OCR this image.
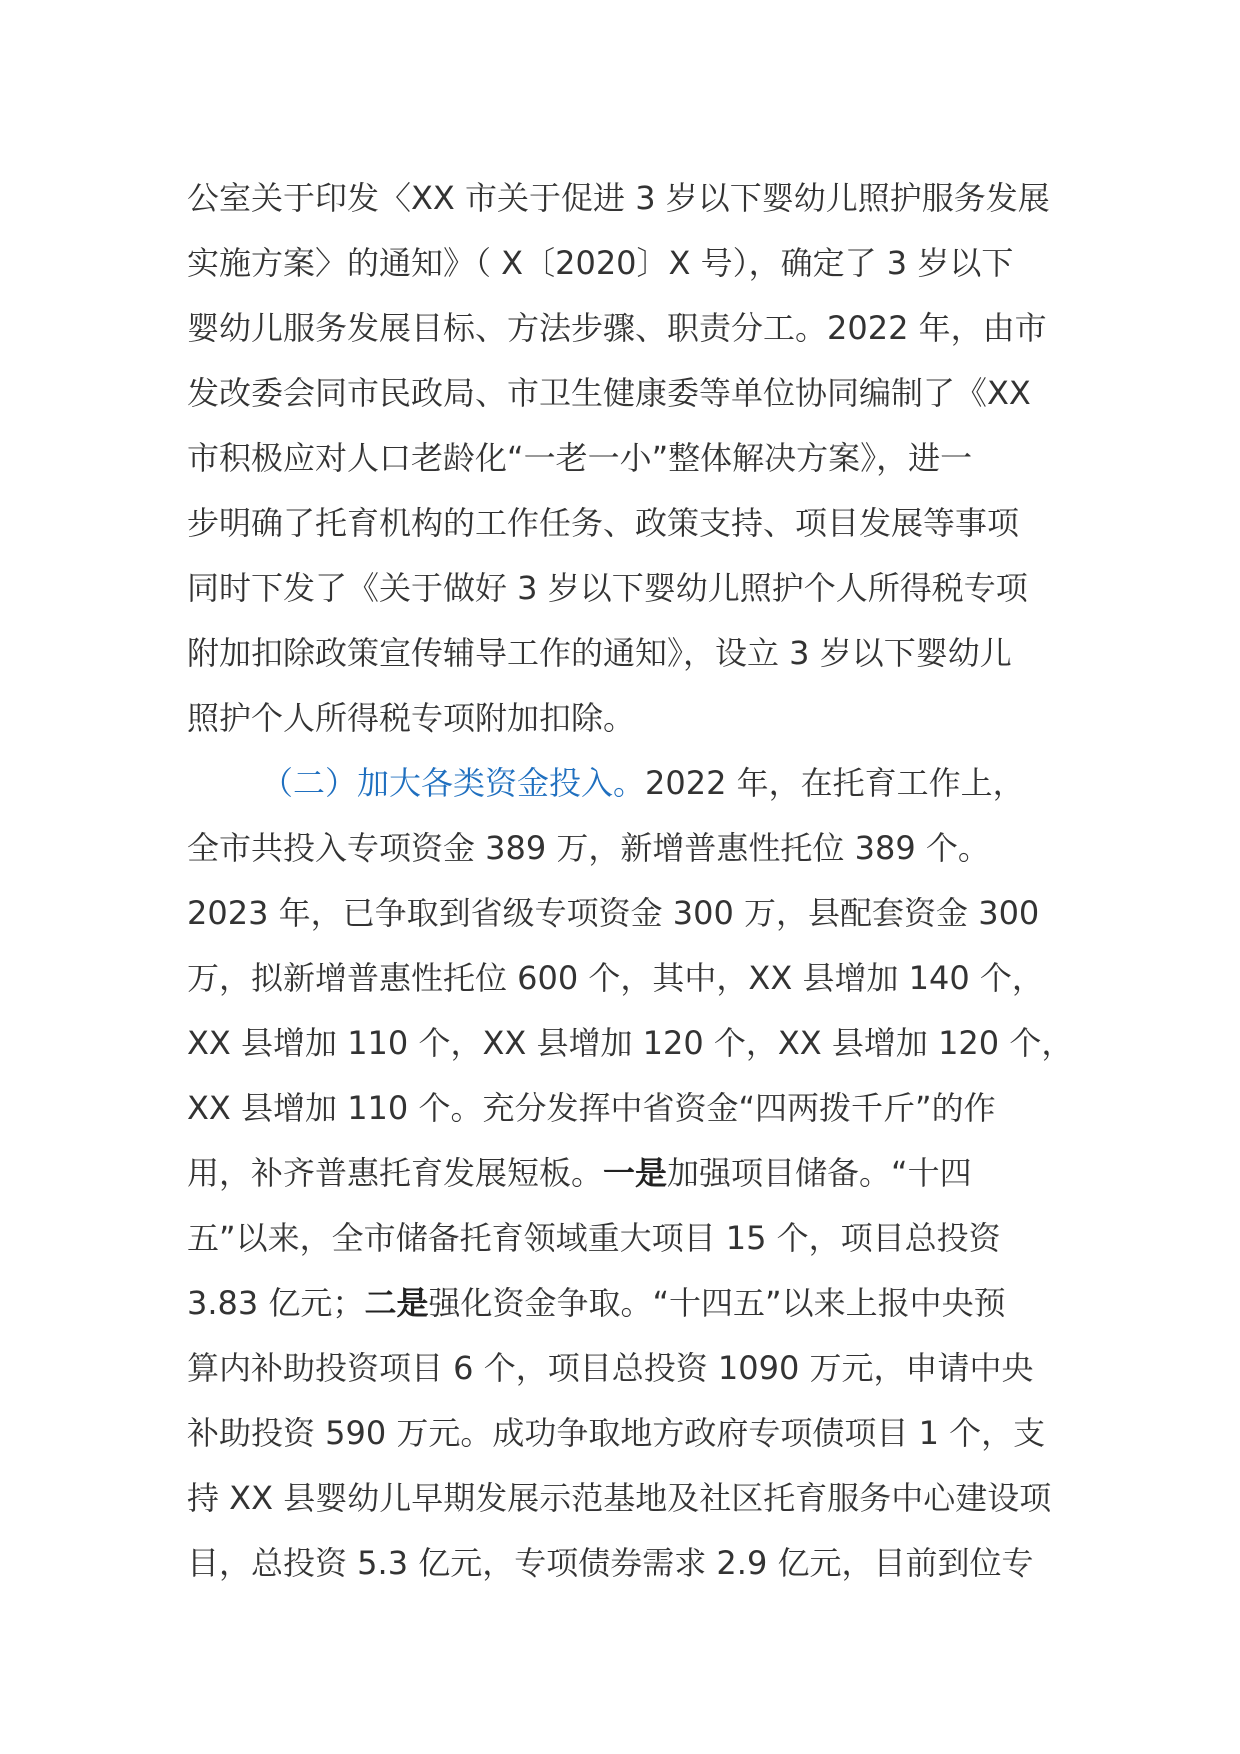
公室关于印发〈XX 市关于促进 3 岁以下婴幼儿照护服务发展
实施方案〉的通知》（ X〔2020〕X 号），确定了 3 岁以下
婴幼儿服务发展目标、方法步骤、职责分工。2022 年，由市
发改委会同市民政局、市卫生健康委等单位协同编制了《XX
市积极应对人口老龄化“一老一小”整体解决方案》，进一
步明确了托育机构的工作任务、政策支持、项目发展等事项
同时下发了《关于做好 3 岁以下婴幼儿照护个人所得税专项
附加扣除政策宣传辅导工作的通知》，设立 3 岁以下婴幼儿
照护个人所得税专项附加扣除。
（二）加大各类资金投入。2022 年，在托育工作上，
全市共投入专项资金 389 万，新增普惠性托位 389 个。
2023 年，已争取到省级专项资金 300 万，县配套资金 300
万，拟新增普惠性托位 600 个，其中，XX 县增加 140 个，
XX 县增加 110 个，XX 县增加 120 个，XX 县增加 120 个，
XX 县增加 110 个。充分发挥中省资金“四两拨千斤”的作
用，补齐普惠托育发展短板。一是加强项目储备。“十四
五”以来，全市储备托育领域重大项目 15 个，项目总投资
3.83 亿元；二是强化资金争取。“十四五”以来上报中央预
算内补助投资项目 6 个，项目总投资 1090 万元，申请中央
补助投资 590 万元。成功争取地方政府专项债项目 1 个，支
持 XX 县婴幼儿早期发展示范基地及社区托育服务中心建设项
目，总投资 5.3 亿元，专项债券需求 2.9 亿元，目前到位专
